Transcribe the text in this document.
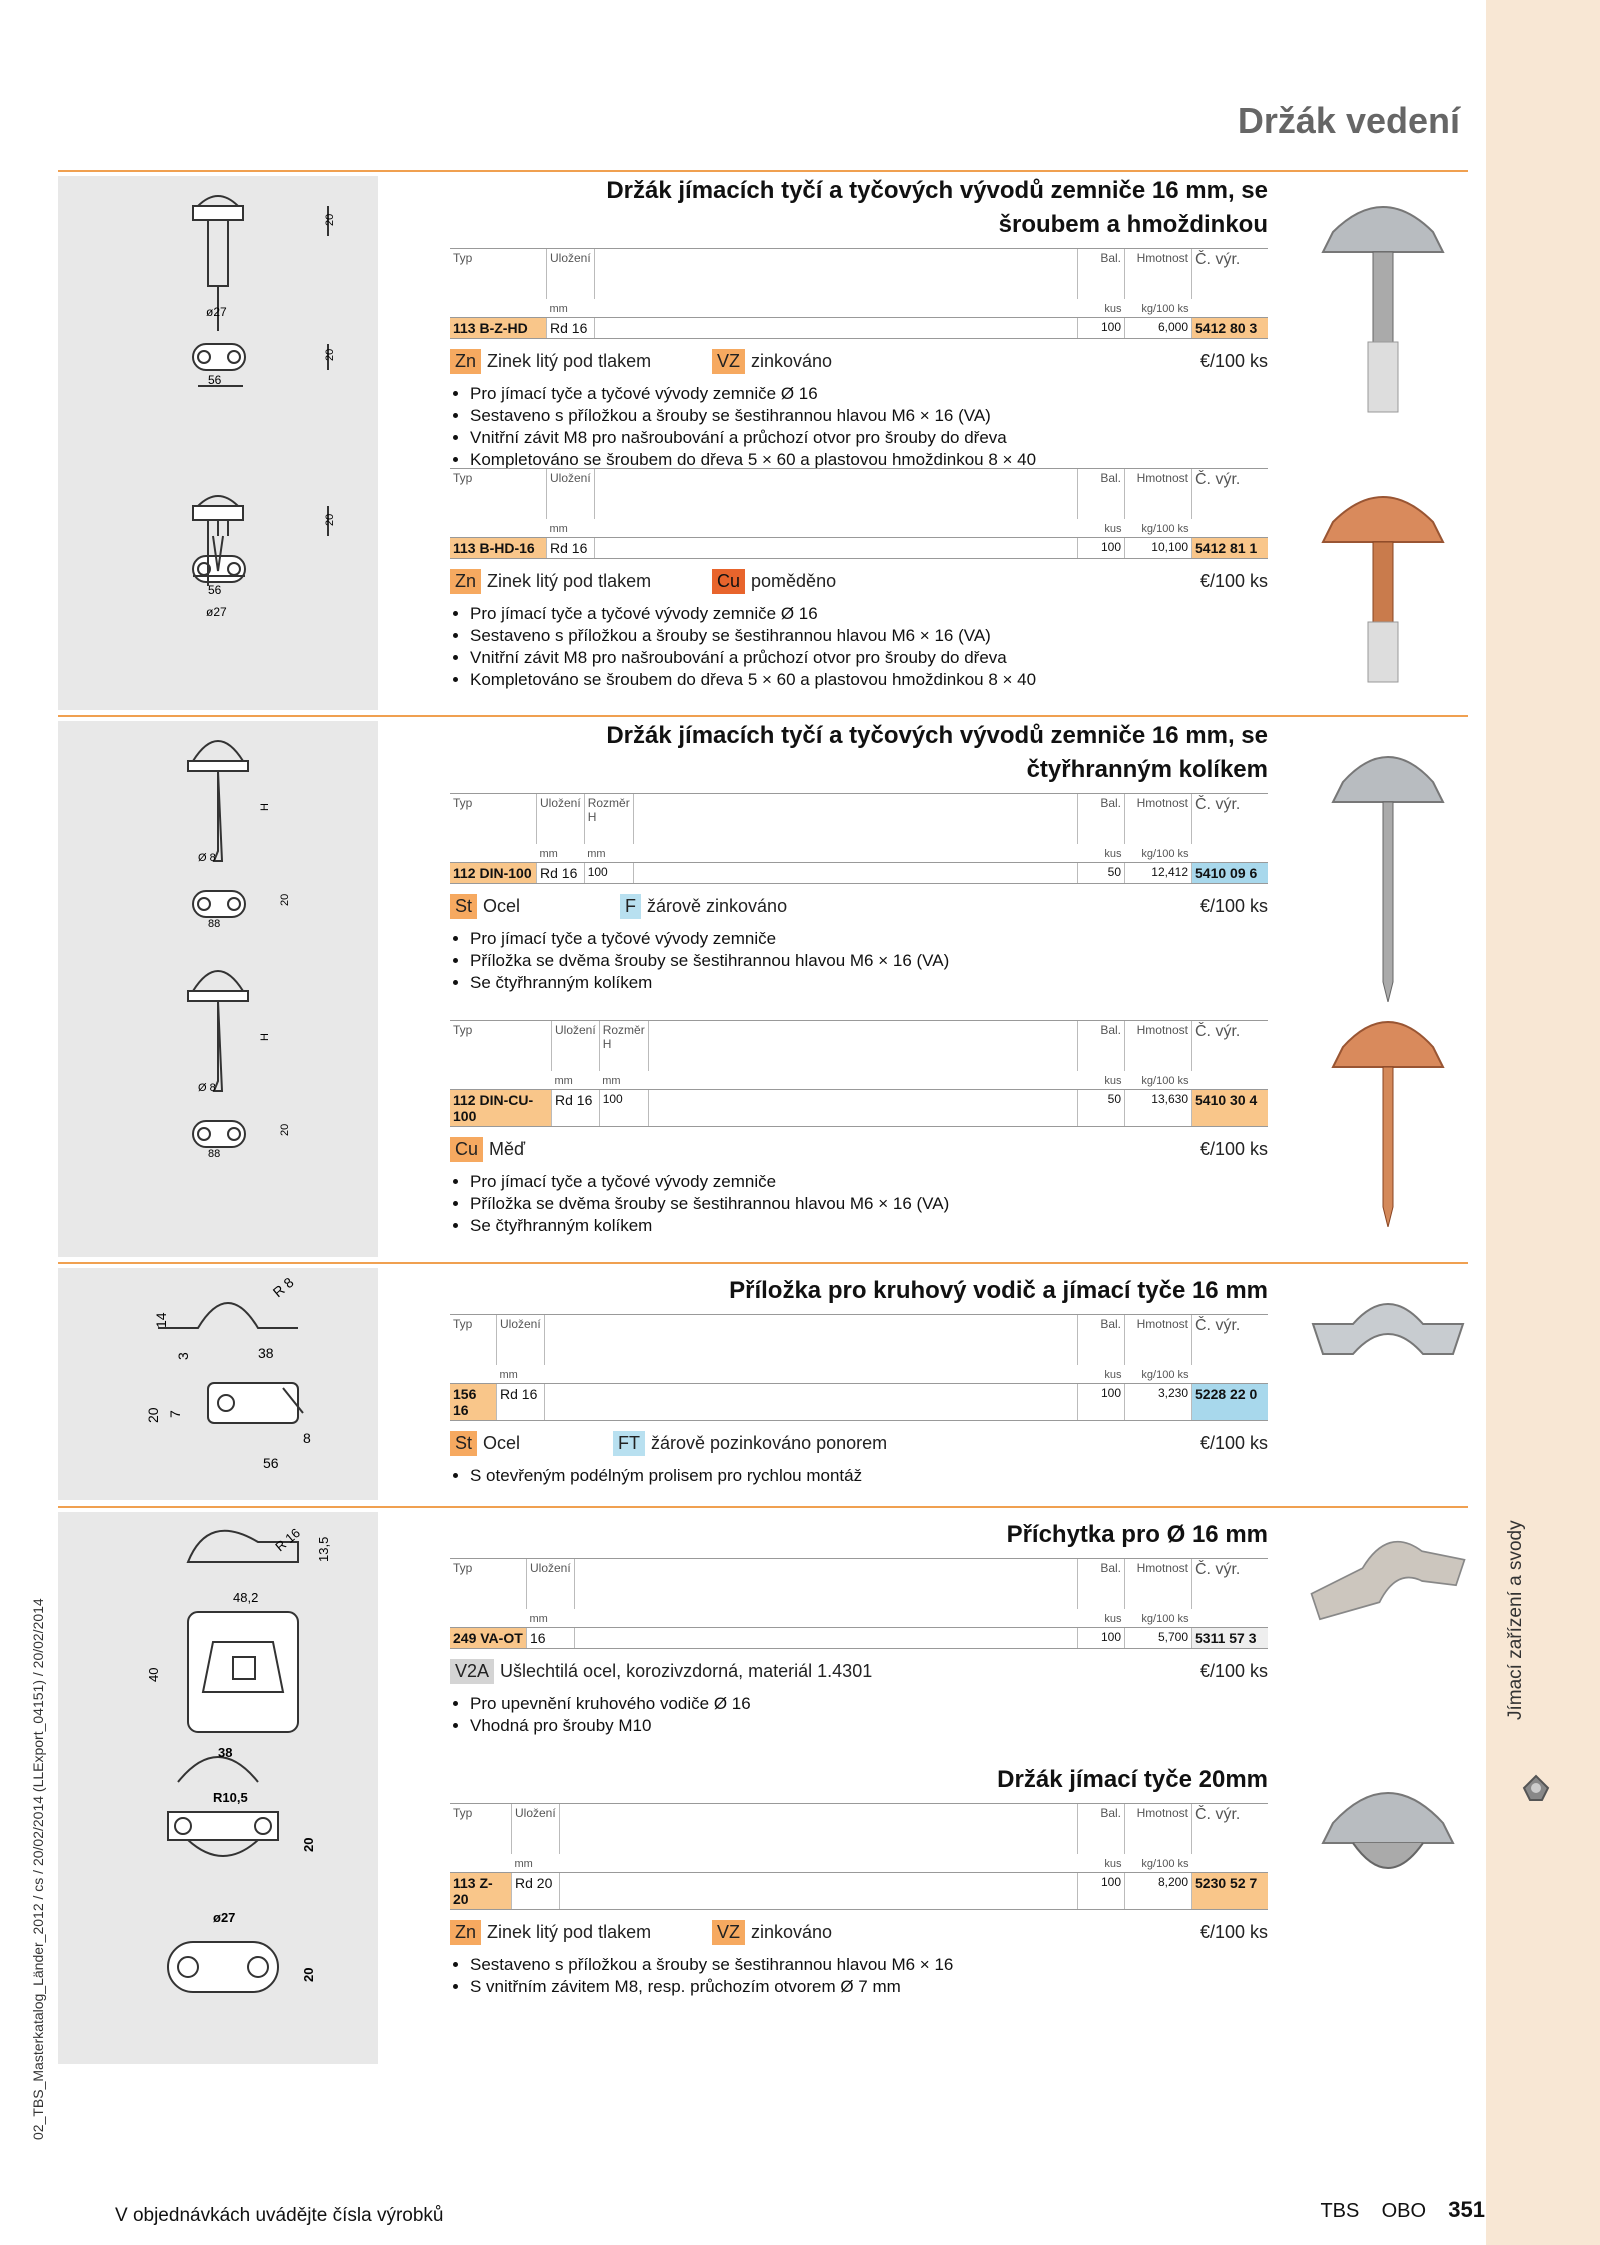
02_TBS_Masterkatalog_Länder_2012 / cs / 20/02/2014 (LLExport_04151) / 20/02/2014
Držák vedení
20
ø27
56
20
20
ø27
56
Držák jímacích tyčí a tyčových vývodů zemniče 16 mm, se
šroubem a hmoždinkou
Typ	Uložení		Bal.	Hmotnost	Č. výr.
	mm		kus	kg/100 ks	
113 B-Z-HD	Rd 16		100	6,000	5412 80 3
Zn Zinek litý pod tlakem	VZ zinkováno	€/100 ks
• Pro jímací tyče a tyčové vývody zemniče Ø 16
• Sestaveno s příložkou a šrouby se šestihrannou hlavou M6 × 16 (VA)
• Vnitřní závit M8 pro našroubování a průchozí otvor pro šrouby do dřeva
• Kompletováno se šroubem do dřeva 5 × 60 a plastovou hmoždinkou 8 × 40
Typ	Uložení		Bal.	Hmotnost	Č. výr.
	mm		kus	kg/100 ks	
113 B-HD-16	Rd 16		100	10,100	5412 81 1
Zn Zinek litý pod tlakem	Cu poměděno	€/100 ks
• Pro jímací tyče a tyčové vývody zemniče Ø 16
• Sestaveno s příložkou a šrouby se šestihrannou hlavou M6 × 16 (VA)
• Vnitřní závit M8 pro našroubování a průchozí otvor pro šrouby do dřeva
• Kompletováno se šroubem do dřeva 5 × 60 a plastovou hmoždinkou 8 × 40
H
Ø 8
88
20
H
Ø 8
88
20
Držák jímacích tyčí a tyčových vývodů zemniče 16 mm, se
čtyřhranným kolíkem
Typ	Uložení	Rozměr
H		Bal.	Hmotnost	Č. výr.
	mm	mm		kus	kg/100 ks	
112 DIN-100	Rd 16	100		50	12,412	5410 09 6
St Ocel	F žárově zinkováno	€/100 ks
• Pro jímací tyče a tyčové vývody zemniče
• Příložka se dvěma šrouby se šestihrannou hlavou M6 × 16 (VA)
• Se čtyřhranným kolíkem
Typ	Uložení	Rozměr
H		Bal.	Hmotnost	Č. výr.
	mm	mm		kus	kg/100 ks	
112 DIN-CU-100	Rd 16	100		50	13,630	5410 30 4
Cu Měď	€/100 ks
• Pro jímací tyče a tyčové vývody zemniče
• Příložka se dvěma šrouby se šestihrannou hlavou M6 × 16 (VA)
• Se čtyřhranným kolíkem
14
3	38
R 8
20 7
8
56
Příložka pro kruhový vodič a jímací tyče 16 mm
Typ	Uložení		Bal.	Hmotnost	Č. výr.
	mm		kus	kg/100 ks	
156 16	Rd 16		100	3,230	5228 22 0
St Ocel	FT žárově pozinkováno ponorem	€/100 ks
• S otevřeným podélným prolisem pro rychlou montáž
R 16 13,5
48,2
40
38
R10,5
20
ø27
20
Příchytka pro Ø 16 mm
Typ	Uložení		Bal.	Hmotnost	Č. výr.
	mm		kus	kg/100 ks	
249 VA-OT	16		100	5,700	5311 57 3
V2A Ušlechtilá ocel, korozivzdorná, materiál 1.4301	€/100 ks
• Pro upevnění kruhového vodiče Ø 16
• Vhodná pro šrouby M10
Držák jímací tyče 20mm
Typ	Uložení		Bal.	Hmotnost	Č. výr.
	mm		kus	kg/100 ks	
113 Z-20	Rd 20		100	8,200	5230 52 7
Zn Zinek litý pod tlakem	VZ zinkováno	€/100 ks
• Sestaveno s příložkou a šrouby se šestihrannou hlavou M6 × 16
• S vnitřním závitem M8, resp. průchozím otvorem Ø 7 mm
V objednávkách uvádějte čísla výrobků	TBS OBO 351
